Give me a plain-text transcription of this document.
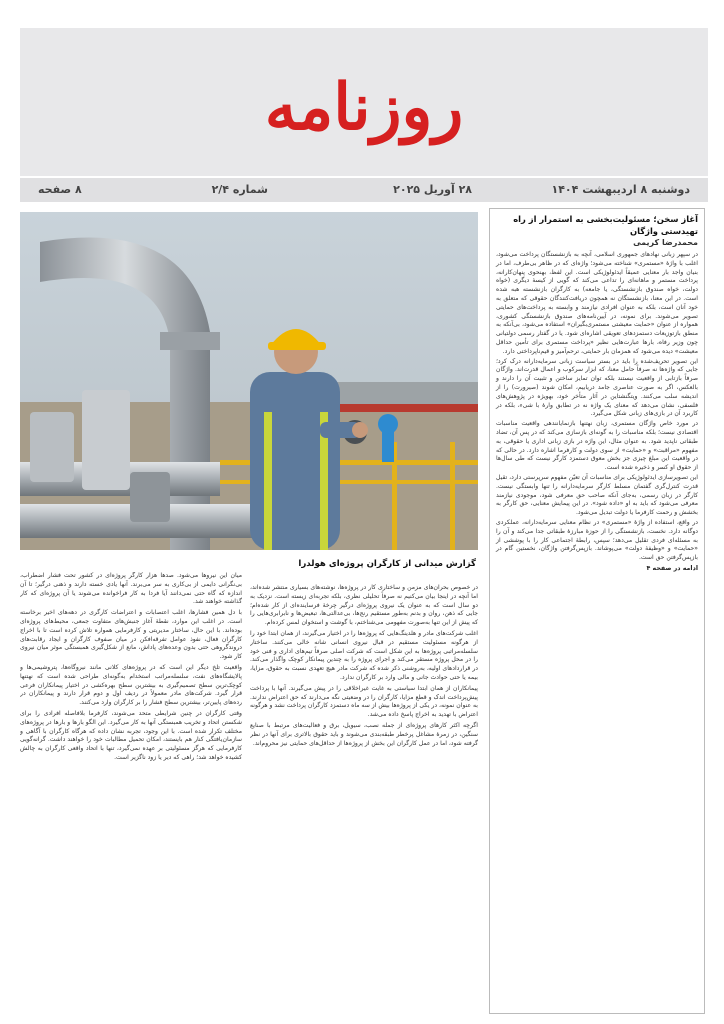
روزنامه
دوشنبه ۸ اردیبهشت ۱۴۰۴
۲۸ آوریل ۲۰۲۵
شماره ۲/۴
۸ صفحه
آغاز سخن؛ مسئولیت‌بخشی به استمرار از راه تهیدستی واژگان
محمدرضا کریمی

در سپهر زبانی نهادهای جمهوری اسلامی، آنچه به بازنشستگان پرداخت می‌شود، اغلب با واژهٔ «مستمری» شناخته می‌شود؛ واژه‌ای که در ظاهر بی‌طرف، اما در بنیان واجد بار معنایی عمیقاً ایدئولوژیکی است. این لفظ، بهنحوی پنهان‌کارانه، پرداخت مستمر و ماهانه‌ای را تداعی می‌کند که گویی از کیسهٔ دیگری (خواه دولت، خواه صندوق بازنشستگی، یا جامعه) به کارگران بازنشسته هبه شده است. در این معنا، بازنشستگان نه همچون دریافت‌کنندگان حقوقی که متعلق به خود آنان است، بلکه به عنوان افرادی نیازمند و وابسته به پرداخت‌های حمایتی تصویر می‌شوند. برای نمونه، در آیین‌نامه‌های صندوق بازنشستگی کشوری، همواره از عنوان «حمایت معیشتی مستمری‌بگیران» استفاده می‌شود، بی‌آنکه به منطق بازتوزیعات دستمزدهای تعویقی اشاره‌ای شود. یا در گفتار رسمی دولتیانی چون وزیر رفاه، بارها عبارت‌هایی نظیر «پرداخت مستمری برای تأمین حداقل معیشت» دیده می‌شود که همزمان بار حمایتی، ترحم‌آمیز و قیم‌ناپرداختی دارد.

این تصویر تحریف‌شده را باید در بستر سیاست زبانی سرمایه‌دارانه درک کرد؛ جایی که واژه‌ها نه صرفاً حامل معنا، که ابزار سرکوب و اعمال قدرت‌اند. واژگان صرفاً بازتابی از واقعیت نیستند بلکه توان تمایز ساختن و تثبیت آن را دارند و بالعکس، اگر به صورت عناصری جامد دریابیم، امکان شوند (صیرورت) را از اندیشه سلب می‌کنند. ویتگنشتاین در آثار متأخر خود، بهویژه در پژوهش‌های فلسفی، نشان می‌دهد که معنای یک واژه نه در تطابق وارهٔ با شیء، بلکه در کاربرد آن در بازی‌های زبانی شکل می‌گیرد.

در مورد خاص واژگان مستمری، زبان نهتنها بازنمایانندهی واقعیت مناسبات اقتصادی نیست؛ بلکه مناسبات را به گونه‌ای بازسازی می‌کند که در پس آن، تضاد طبقاتی ناپدید شود. به عنوان مثال، این واژه در بازی زبانی اداری یا حقوقی، به مفهوم «مراقبت» و «حمایت» از سوی دولت و کارفرما اشاره دارد. در حالی که در واقعیت این مبلغ چیزی جز بخش معوق دستمزد کارگر نیست که طی سال‌ها از حقوق او کسر و ذخیره شده است.

این تصویرسازی ایدئولوژیکی برای مناسبات آن تعیّن مفهوم سرپرستی دارد، تقیل قدرت کنترل‌گری گفتمان مسلط کارگر سرمایه‌دارانه را تنها وابستگی نیست. کارگر در زبان رسمی، به‌جای آنکه صاحب حق معرفی شود، موجودی نیازمند معرفی می‌شود که باید به او «داده شود». در این پیمایش معنایی، حق کارگر به بخشش و رحمت کارفرما یا دولت تبدیل می‌شود.

در واقع، استفاده از واژهٔ «مستمری» در نظام معنایی سرمایه‌دارانه، عملکردی دوگانه دارد. نخست، بازنشستگی را از حوزهٔ مبارزهٔ طبقاتی جدا می‌کند و آن را به مسئله‌ای فردی تقلیل می‌دهد؛ سپس، رابطهٔ اجتماعی کار را با پوششی از «حمایت» و «وظیفهٔ دولت» می‌پوشاند. بازپس‌گرفتن واژگان، نخستین گام در بازپس‌گرفتن حق است.

ادامه در صفحه ۴
گزارش میدانی از کارگران پروژه‌ای هولدرا

در خصوص بحران‌های مزمن و ساختاری کار در پروژه‌ها، نوشته‌های بسیاری منتشر شده‌اند، اما آنچه در اینجا بیان می‌کنیم نه صرفاً تحلیلی نظری، بلکه تجربه‌ای زیسته است. نزدیک به دو سال است که به عنوان یک نیروی پروژه‌ای درگیر چرخهٔ فرساینده‌ای از کار شده‌ام؛ جایی که ذهن، روان و بدنم به‌طور مستقیم رنج‌ها، بی‌عدالتی‌ها، تبعیض‌ها و نابرابری‌هایی را که پیش از این تنها به‌صورت مفهومی می‌شناختم، با گوشت و استخوان لمس کرده‌ام.

اغلب شرکت‌های مادر و هلدینگ‌هایی که پروژه‌ها را در اختیار می‌گیرند، از همان ابتدا خود را از هرگونه مسئولیت مستقیم در قبال نیروی انسانی شانه خالی می‌کنند. ساختار سلسله‌مراتبی پروژه‌ها به این شکل است که شرکت اصلی صرفاً تیم‌های اداری و فنی خود را در محل پروژه مستقر می‌کند و اجرای پروژه را به چندین پیمانکار کوچک واگذار می‌کند. در قراردادهای اولیه، به‌روشنی ذکر شده که شرکت مادر هیچ تعهدی نسبت به حقوق، مزایا، بیمه یا حتی حوادث جانی و مالی وارد بر کارگران ندارد.

پیمانکاران از همان ابتدا سیاستی به غایت غیراخلاقی را در پیش می‌گیرند. آنها با پرداخت پیش‌پرداخت اندک و قطع مزایا، کارگران را در وضعیتی نگه می‌دارند که حق اعتراض ندارند. به عنوان نمونه، در یکی از پروژه‌ها بیش از سه ماه دستمزد کارگران پرداخت نشد و هرگونه اعتراض با تهدید به اخراج پاسخ داده می‌شد.

اگرچه اکثر کارهای پروژه‌ای از جمله نصب، سیویل، برق و فعالیت‌های مرتبط با صنایع سنگین، در زمرهٔ مشاغل پرخطر طبقه‌بندی می‌شوند و باید حقوق بالاتری برای آنها در نظر گرفته شود، اما در عمل کارگران این بخش از پروژه‌ها از حداقل‌های حمایتی نیز محروم‌اند.

میان این نیروها می‌شود. صدها هزار کارگر پروژه‌ای در کشور تحت فشار اضطراب، بی‌نگرانی دایمی از بی‌کاری به سر می‌برند. آنها یادی خسته دارند و ذهنی درگیر؛ تا آن اندازه که گاه حتی نمی‌دانند آیا فردا به کار فراخوانده می‌شوند یا آن پروژه‌ای که کار گذاشته خواهند شد.

با دل همین فشارها، اغلب اعتصابات و اعتراضات کارگری در دهه‌های اخیر برخاسته است. در اغلب این موارد، نقطهٔ آغاز جنبش‌های متفاوت جمعی، محیط‌های پروژه‌ای بوده‌اند. با این حال، ساختار مدیریتی و کارفرمایی همواره تلاش کرده است تا با اخراج کارگران فعال، نفوذ عوامل تفرقه‌افکن در میان صفوف کارگران و ایجاد رقابت‌های دروندگروهی حتی بدون وعده‌های پاداش، مانع از شکل‌گیری همبستگی موثر میان نیروی کار شود.

واقعیت تلخ دیگر این است که در پروژه‌های کلانی مانند نیروگاه‌ها، پتروشیمی‌ها و پالایشگاه‌های نفت، سلسله‌مراتب استخدام به‌گونه‌ای طراحی شده است که نهتنها کوچک‌ترین سطح تصمیم‌گیری به بیشترین سطح بهره‌کشی در اختیار پیمانکاران فرعی قرار گیرد. شرکت‌های مادر معمولاً در ردیف اول و دوم قرار دارند و پیمانکاران در رده‌های پایین‌تر، بیشترین سطح فشار را بر کارگران وارد می‌کنند.

وقتی کارگران در چنین شرایطی متحد می‌شوند، کارفرما بلافاصله افرادی را برای شکستن اتحاد و تخریب همبستگی آنها به کار می‌گیرد. این الگو بارها و بارها در پروژه‌های مختلف تکرار شده است. با این وجود، تجربه نشان داده که هرگاه کارگران با آگاهی و سازمان‌یافتگی کنار هم بایستند، امکان تحمیل مطالبات خود را خواهند داشت. گرانه‌گویی کارفرمایی که هرگز مسئولیتی بر عهده نمی‌گیرد، تنها با اتحاد واقعی کارگران به چالش کشیده خواهد شد؛ راهی که دیر یا زود ناگزیر است.
